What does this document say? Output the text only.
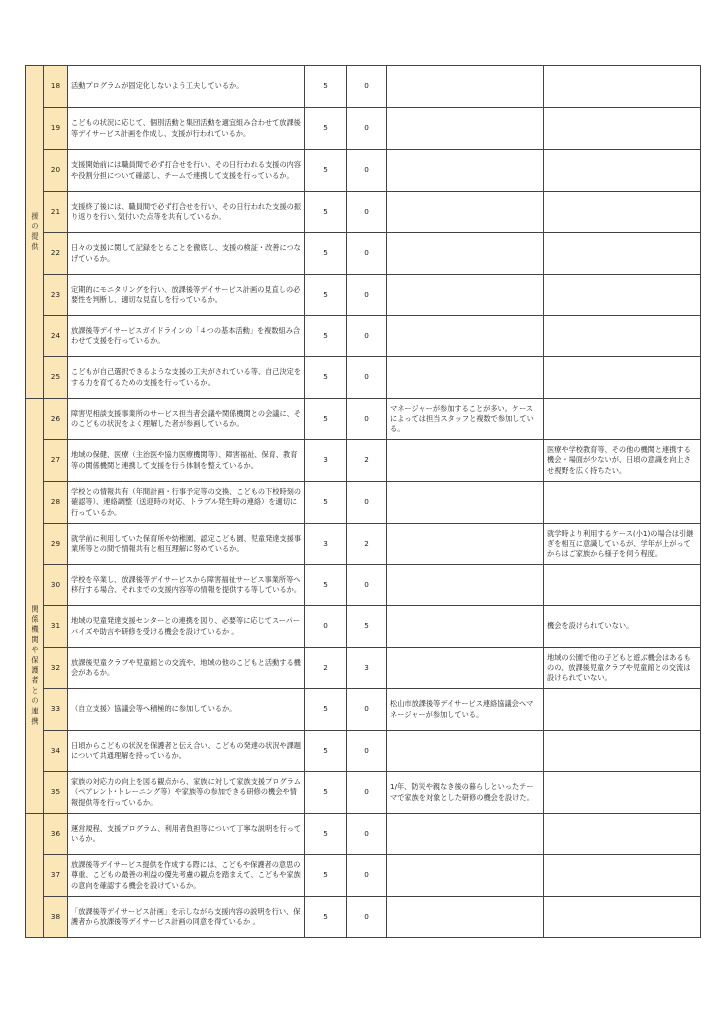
援の提供	18	活動プログラムが固定化しないよう工夫しているか。	5	0		
	19	こどもの状況に応じて、個別活動と集団活動を適宜組み合わせて放課後等デイサービス計画を作成し、支援が行われているか。	5	0		
	20	支援開始前には職員間で必ず打合せを行い、その日行われる支援の内容や役割分担について確認し、チームで連携して支援を行っているか。	5	0		
	21	支援終了後には、職員間で必ず打合せを行い、その日行われた支援の振り返りを行い､気付いた点等を共有しているか。	5	0		
	22	日々の支援に関して記録をとることを徹底し、支援の検証・改善につなげているか。	5	0		
	23	定期的にモニタリングを行い、放課後等デイサービス計画の見直しの必要性を判断し、適切な見直しを行っているか。	5	0		
	24	放課後等デイサービスガイドラインの「４つの基本活動」を複数組み合わせて支援を行っているか。	5	0		
	25	こどもが自己選択できるような支援の工夫がされている等、自己決定をする力を育てるための支援を行っているか。	5	0		

関係機関や保護者との連携	26	障害児相談支援事業所のサービス担当者会議や関係機関との会議に、そのこどもの状況をよく理解した者が参画しているか。	5	0	マネージャーが参加することが多い。ケースによっては担当スタッフと複数で参加している。	
	27	地域の保健、医療（主治医や協力医療機関等）、障害福祉、保育、教育等の関係機関と連携して支援を行う体制を整えているか。	3	2		医療や学校教育等、その他の機関と連携する機会・場面が少ないが、日頃の意識を向上させ視野を広く持ちたい。
	28	学校との情報共有（年間計画・行事予定等の交換、こどもの下校時刻の確認等）、連絡調整（送迎時の対応、トラブル発生時の連絡）を適切に行っているか。	5	0		
	29	就学前に利用していた保育所や幼稚園、認定こども園、児童発達支援事業所等との間で情報共有と相互理解に努めているか。	3	2		就学時より利用するケース(小1)の場合は引継ぎを相互に意識しているが、学年が上がってからはご家族から様子を伺う程度。
	30	学校を卒業し、放課後等デイサービスから障害福祉サービス事業所等へ移行する場合、それまでの支援内容等の情報を提供する等しているか。	5	0		
	31	地域の児童発達支援センターとの連携を図り、必要等に応じてスーパーバイズや助言や研修を受ける機会を設けているか 。	0	5		機会を設けられていない。
	32	放課後児童クラブや児童館との交流や、地域の他のこどもと活動する機会があるか。	2	3		地域の公園で他の子どもと遊ぶ機会はあるものの、放課後児童クラブや児童館との交流は設けられていない。
	33	（自立支援）協議会等へ積極的に参加しているか。	5	0	松山市放課後等デイサービス連絡協議会へマネージャーが参加している。	
	34	日頃からこどもの状況を保護者と伝え合い、こどもの発達の状況や課題について共通理解を持っているか。	5	0		
	35	家族の対応力の向上を図る観点から、家族に対して家族支援プログラム（ペアレント･トレーニング等）や家族等の参加できる研修の機会や情報提供等を行っているか。	5	0	1/年、防災や親なき後の暮らしといったテーマで家族を対象とした研修の機会を設けた。	

	36	運営規程、支援プログラム、利用者負担等について丁寧な説明を行っているか。	5	0		
	37	放課後等デイサービス提供を作成する際には、こどもや保護者の意思の尊重、こどもの最善の利益の優先考慮の観点を踏まえて、こどもや家族の意向を確認する機会を設けているか。	5	0		
	38	「放課後等デイサービス計画」を示しながら支援内容の説明を行い、保護者から放課後等デイサービス計画の同意を得ているか 。	5	0		
